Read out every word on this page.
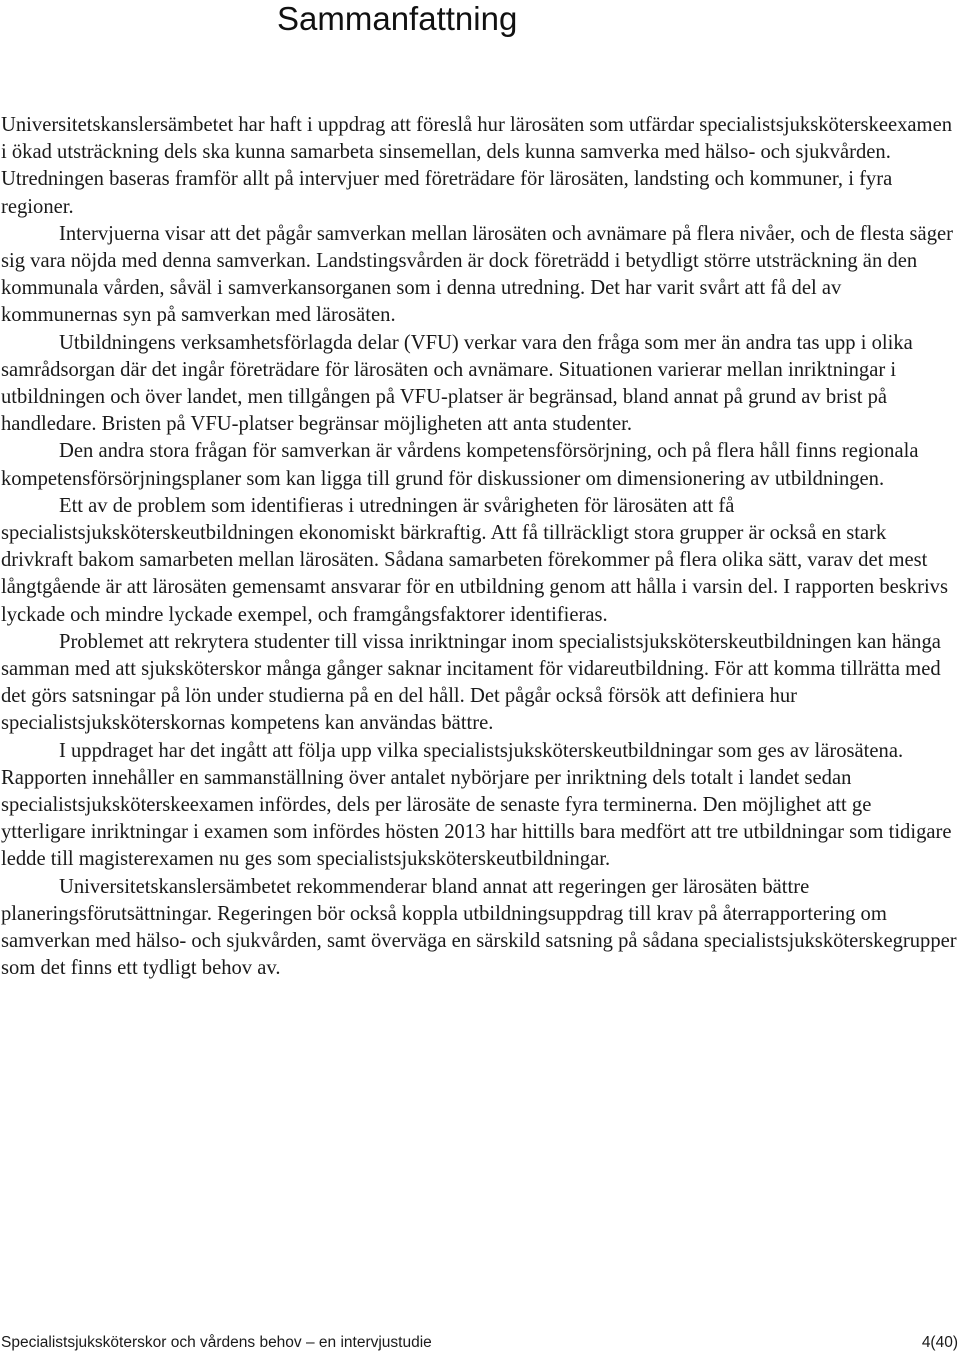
Sammanfattning

Universitetskanslersämbetet har haft i uppdrag att föreslå hur lärosäten som utfärdar specialistsjuksköterskeexamen i ökad utsträckning dels ska kunna samarbeta sinsemellan, dels kunna samverka med hälso- och sjukvården. Utredningen baseras framför allt på intervjuer med företrädare för lärosäten, landsting och kommuner, i fyra regioner.

Intervjuerna visar att det pågår samverkan mellan lärosäten och avnämare på flera nivåer, och de flesta säger sig vara nöjda med denna samverkan. Landstingsvården är dock företrädd i betydligt större utsträckning än den kommunala vården, såväl i samverkansorganen som i denna utredning. Det har varit svårt att få del av kommunernas syn på samverkan med lärosäten.

Utbildningens verksamhetsförlagda delar (VFU) verkar vara den fråga som mer än andra tas upp i olika samrådsorgan där det ingår företrädare för lärosäten och avnämare. Situationen varierar mellan inriktningar i utbildningen och över landet, men tillgången på VFU-platser är begränsad, bland annat på grund av brist på handledare. Bristen på VFU-platser begränsar möjligheten att anta studenter.

Den andra stora frågan för samverkan är vårdens kompetensförsörjning, och på flera håll finns regionala kompetensförsörjningsplaner som kan ligga till grund för diskussioner om dimensionering av utbildningen.

Ett av de problem som identifieras i utredningen är svårigheten för lärosäten att få specialistsjuksköterskeutbildningen ekonomiskt bärkraftig. Att få tillräckligt stora grupper är också en stark drivkraft bakom samarbeten mellan lärosäten. Sådana samarbeten förekommer på flera olika sätt, varav det mest långtgående är att lärosäten gemensamt ansvarar för en utbildning genom att hålla i varsin del. I rapporten beskrivs lyckade och mindre lyckade exempel, och framgångsfaktorer identifieras.

Problemet att rekrytera studenter till vissa inriktningar inom specialistsjuksköterskeutbildningen kan hänga samman med att sjuksköterskor många gånger saknar incitament för vidareutbildning. För att komma tillrätta med det görs satsningar på lön under studierna på en del håll. Det pågår också försök att definiera hur specialistsjuksköterskornas kompetens kan användas bättre.

I uppdraget har det ingått att följa upp vilka specialistsjuksköterskeutbildningar som ges av lärosätena. Rapporten innehåller en sammanställning över antalet nybörjare per inriktning dels totalt i landet sedan specialistsjuksköterskeexamen infördes, dels per lärosäte de senaste fyra terminerna. Den möjlighet att ge ytterligare inriktningar i examen som infördes hösten 2013 har hittills bara medfört att tre utbildningar som tidigare ledde till magisterexamen nu ges som specialistsjuksköterskeutbildningar.

Universitetskanslersämbetet rekommenderar bland annat att regeringen ger lärosäten bättre planeringsförutsättningar. Regeringen bör också koppla utbildningsuppdrag till krav på återrapportering om samverkan med hälso- och sjukvården, samt överväga en särskild satsning på sådana specialistsjuksköterskegrupper som det finns ett tydligt behov av.

Specialistsjuksköterskor och vårdens behov – en intervjustudie	4(40)
